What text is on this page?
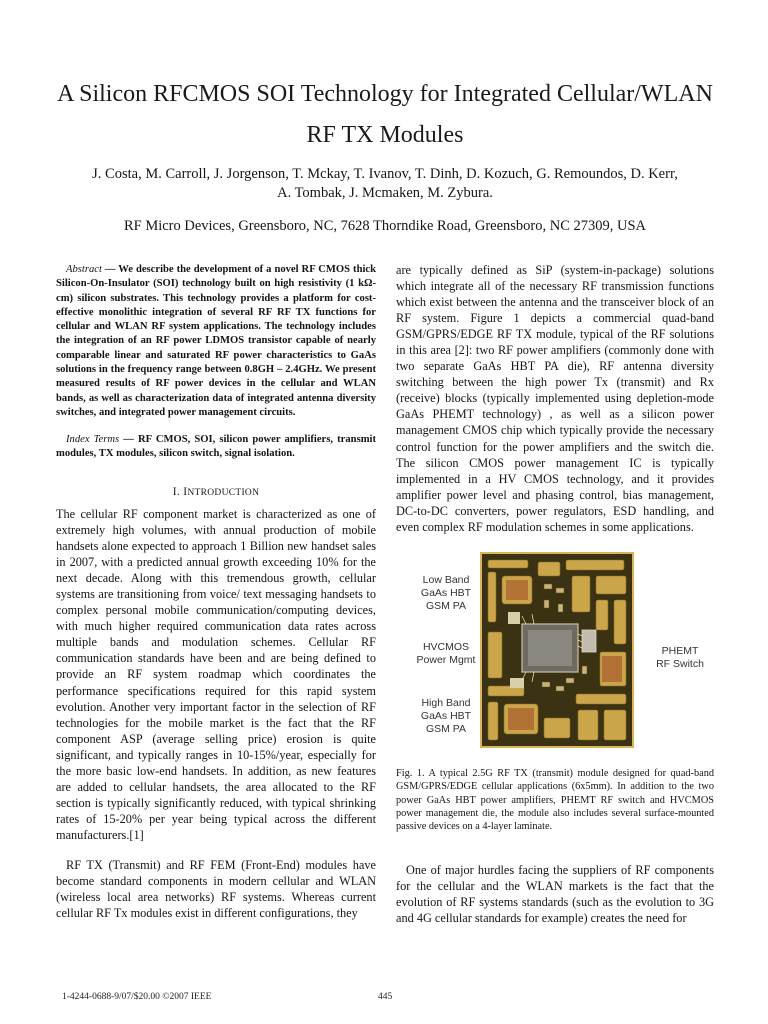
A Silicon RFCMOS SOI Technology for Integrated Cellular/WLAN
RF TX Modules
J. Costa, M. Carroll, J. Jorgenson, T. Mckay, T. Ivanov, T. Dinh, D. Kozuch, G. Remoundos, D. Kerr,
A. Tombak, J. Mcmaken, M. Zybura.
RF Micro Devices, Greensboro, NC, 7628 Thorndike Road, Greensboro, NC 27309, USA
Abstract — We describe the development of a novel RF CMOS thick Silicon-On-Insulator (SOI) technology built on high resistivity (1 kΩ-cm) silicon substrates. This technology provides a platform for cost-effective monolithic integration of several RF RF TX functions for cellular and WLAN RF system applications. The technology includes the integration of an RF power LDMOS transistor capable of nearly comparable linear and saturated RF power characteristics to GaAs solutions in the frequency range between 0.8GH – 2.4GHz. We present measured results of RF power devices in the cellular and WLAN bands, as well as characterization data of integrated antenna diversity switches, and integrated power management circuits.
Index Terms — RF CMOS, SOI, silicon power amplifiers, transmit modules, TX modules, silicon switch, signal isolation.
I. INTRODUCTION
The cellular RF component market is characterized as one of extremely high volumes, with annual production of mobile handsets alone expected to approach 1 Billion new handset sales in 2007, with a predicted annual growth exceeding 10% for the next decade. Along with this tremendous growth, cellular systems are transitioning from voice/ text messaging handsets to complex personal mobile communication/computing devices, with much higher required communication data rates across multiple bands and modulation schemes. Cellular RF communication standards have been and are being defined to provide an RF system roadmap which coordinates the performance specifications required for this rapid system evolution. Another very important factor in the selection of RF technologies for the mobile market is the fact that the RF component ASP (average selling price) erosion is quite significant, and typically ranges in 10-15%/year, especially for the more basic low-end handsets. In addition, as new features are added to cellular handsets, the area allocated to the RF section is typically significantly reduced, with typical shrinking rates of 15-20% per year being typical across the different manufacturers.[1]
RF TX (Transmit) and RF FEM (Front-End) modules have become standard components in modern cellular and WLAN (wireless local area networks) RF systems. Whereas current cellular RF Tx modules exist in different configurations, they
are typically defined as SiP (system-in-package) solutions which integrate all of the necessary RF transmission functions which exist between the antenna and the transceiver block of an RF system. Figure 1 depicts a commercial quad-band GSM/GPRS/EDGE RF TX module, typical of the RF solutions in this area [2]: two RF power amplifiers (commonly done with two separate GaAs HBT PA die), RF antenna diversity switching between the high power Tx (transmit) and Rx (receive) blocks (typically implemented using depletion-mode GaAs PHEMT technology) , as well as a silicon power management CMOS chip which typically provide the necessary control function for the power amplifiers and the switch die. The silicon CMOS power management IC is typically implemented in a HV CMOS technology, and it provides amplifier power level and phasing control, bias management, DC-to-DC converters, power regulators, ESD handling, and even complex RF modulation schemes in some applications.
Low Band
GaAs HBT
GSM PA
HVCMOS
Power Mgmt
High Band
GaAs HBT
GSM PA
PHEMT
RF Switch
Fig. 1. A typical 2.5G RF TX (transmit) module designed for quad-band GSM/GPRS/EDGE cellular applications (6x5mm). In addition to the two power GaAs HBT power amplifiers, PHEMT RF switch and HVCMOS power management die, the module also includes several surface-mounted passive devices on a 4-layer laminate.
One of major hurdles facing the suppliers of RF components for the cellular and the WLAN markets is the fact that the evolution of RF systems standards (such as the evolution to 3G and 4G cellular standards for example) creates the need for
1-4244-0688-9/07/$20.00 ©2007 IEEE	445
